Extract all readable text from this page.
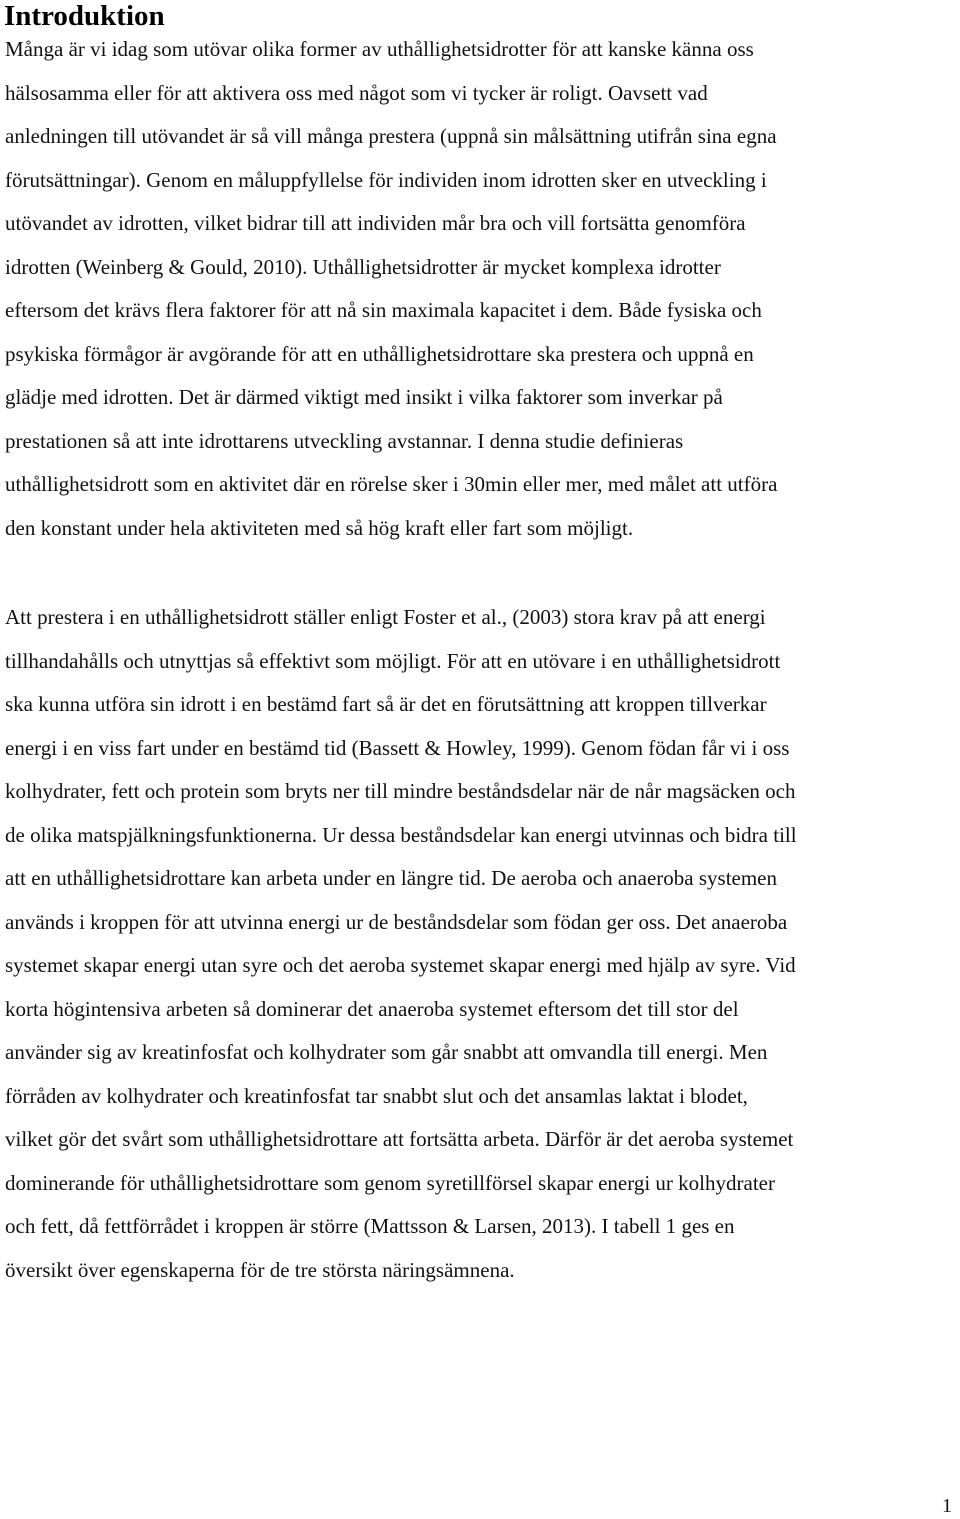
Introduktion

Många är vi idag som utövar olika former av uthållighetsidrotter för att kanske känna oss
hälsosamma eller för att aktivera oss med något som vi tycker är roligt. Oavsett vad
anledningen till utövandet är så vill många prestera (uppnå sin målsättning utifrån sina egna
förutsättningar). Genom en måluppfyllelse för individen inom idrotten sker en utveckling i
utövandet av idrotten, vilket bidrar till att individen mår bra och vill fortsätta genomföra
idrotten (Weinberg & Gould, 2010). Uthållighetsidrotter är mycket komplexa idrotter
eftersom det krävs flera faktorer för att nå sin maximala kapacitet i dem. Både fysiska och
psykiska förmågor är avgörande för att en uthållighetsidrottare ska prestera och uppnå en
glädje med idrotten. Det är därmed viktigt med insikt i vilka faktorer som inverkar på
prestationen så att inte idrottarens utveckling avstannar. I denna studie definieras
uthållighetsidrott som en aktivitet där en rörelse sker i 30min eller mer, med målet att utföra
den konstant under hela aktiviteten med så hög kraft eller fart som möjligt.

Att prestera i en uthållighetsidrott ställer enligt Foster et al., (2003) stora krav på att energi
tillhandahålls och utnyttjas så effektivt som möjligt. För att en utövare i en uthållighetsidrott
ska kunna utföra sin idrott i en bestämd fart så är det en förutsättning att kroppen tillverkar
energi i en viss fart under en bestämd tid (Bassett & Howley, 1999). Genom födan får vi i oss
kolhydrater, fett och protein som bryts ner till mindre beståndsdelar när de når magsäcken och
de olika matspjälkningsfunktionerna. Ur dessa beståndsdelar kan energi utvinnas och bidra till
att en uthållighetsidrottare kan arbeta under en längre tid. De aeroba och anaeroba systemen
används i kroppen för att utvinna energi ur de beståndsdelar som födan ger oss. Det anaeroba
systemet skapar energi utan syre och det aeroba systemet skapar energi med hjälp av syre. Vid
korta högintensiva arbeten så dominerar det anaeroba systemet eftersom det till stor del
använder sig av kreatinfosfat och kolhydrater som går snabbt att omvandla till energi. Men
förråden av kolhydrater och kreatinfosfat tar snabbt slut och det ansamlas laktat i blodet,
vilket gör det svårt som uthållighetsidrottare att fortsätta arbeta. Därför är det aeroba systemet
dominerande för uthållighetsidrottare som genom syretillförsel skapar energi ur kolhydrater
och fett, då fettförrådet i kroppen är större (Mattsson & Larsen, 2013). I tabell 1 ges en
översikt över egenskaperna för de tre största näringsämnena.

1
